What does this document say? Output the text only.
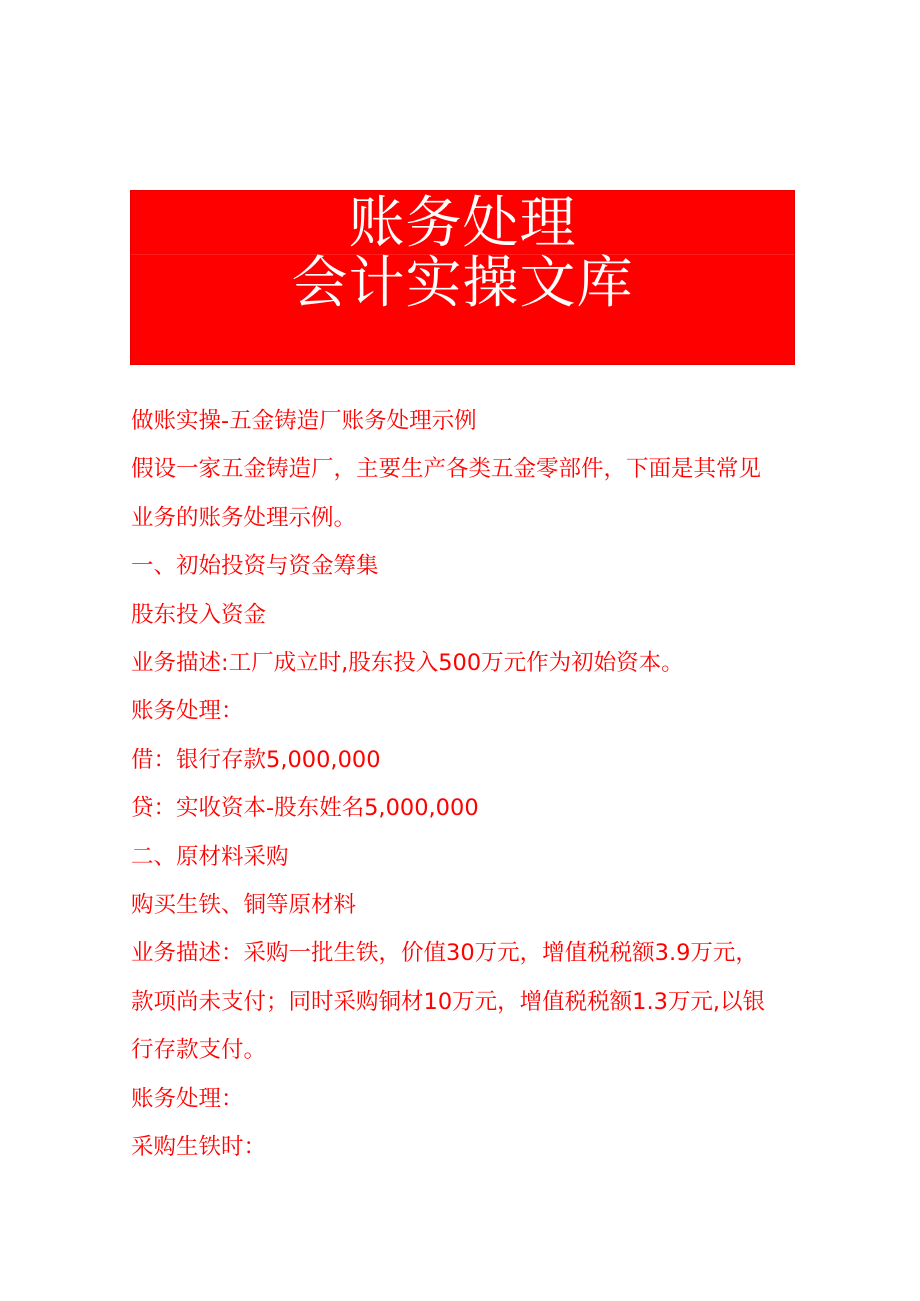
账务处理
会计实操文库

做账实操-五金铸造厂账务处理示例

假设一家五金铸造厂，主要生产各类五金零部件，下面是其常见

业务的账务处理示例。

一、初始投资与资金筹集

股东投入资金

业务描述:工厂成立时,股东投入500万元作为初始资本。

账务处理：

借：银行存款5,000,000

贷：实收资本-股东姓名5,000,000

二、原材料采购

购买生铁、铜等原材料

业务描述：采购一批生铁，价值30万元，增值税税额3.9万元，

款项尚未支付；同时采购铜材10万元，增值税税额1.3万元,以银

行存款支付。

账务处理：

采购生铁时：
